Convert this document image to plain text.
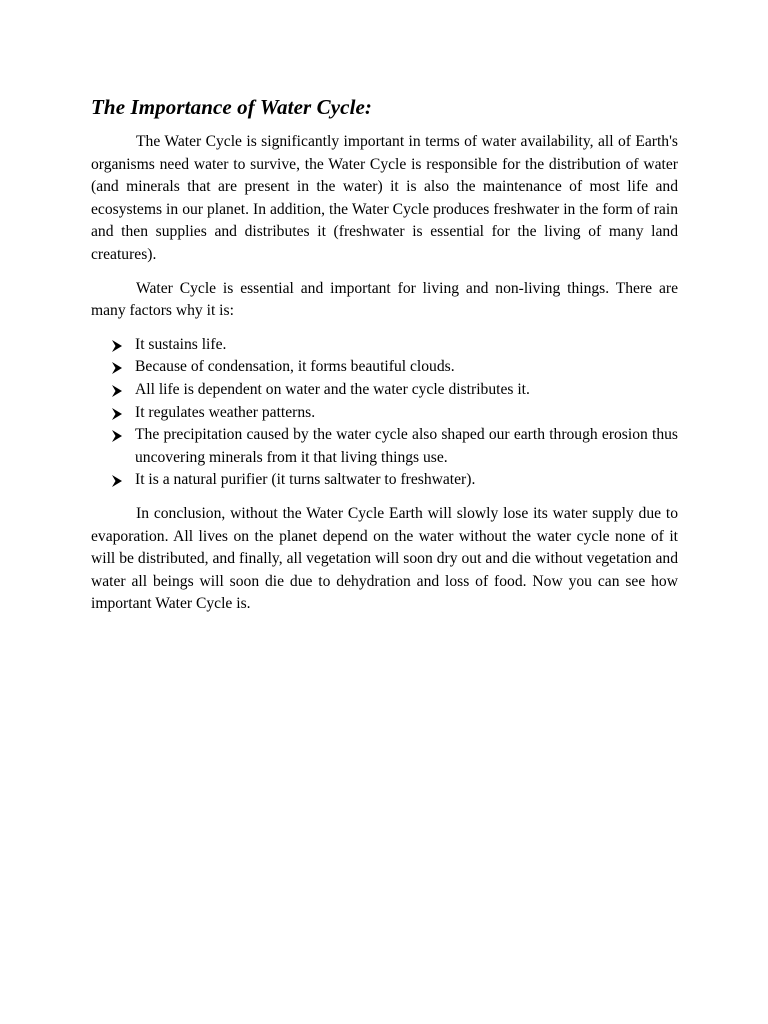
The Importance of Water Cycle:

The Water Cycle is significantly important in terms of water availability, all of Earth's organisms need water to survive, the Water Cycle is responsible for the distribution of water (and minerals that are present in the water) it is also the maintenance of most life and ecosystems in our planet. In addition, the Water Cycle produces freshwater in the form of rain and then supplies and distributes it (freshwater is essential for the living of many land creatures).

Water Cycle is essential and important for living and non-living things. There are many factors why it is:

It sustains life.
Because of condensation, it forms beautiful clouds.
All life is dependent on water and the water cycle distributes it.
It regulates weather patterns.
The precipitation caused by the water cycle also shaped our earth through erosion thus uncovering minerals from it that living things use.
It is a natural purifier (it turns saltwater to freshwater).

In conclusion, without the Water Cycle Earth will slowly lose its water supply due to evaporation. All lives on the planet depend on the water without the water cycle none of it will be distributed, and finally, all vegetation will soon dry out and die without vegetation and water all beings will soon die due to dehydration and loss of food. Now you can see how important Water Cycle is.
